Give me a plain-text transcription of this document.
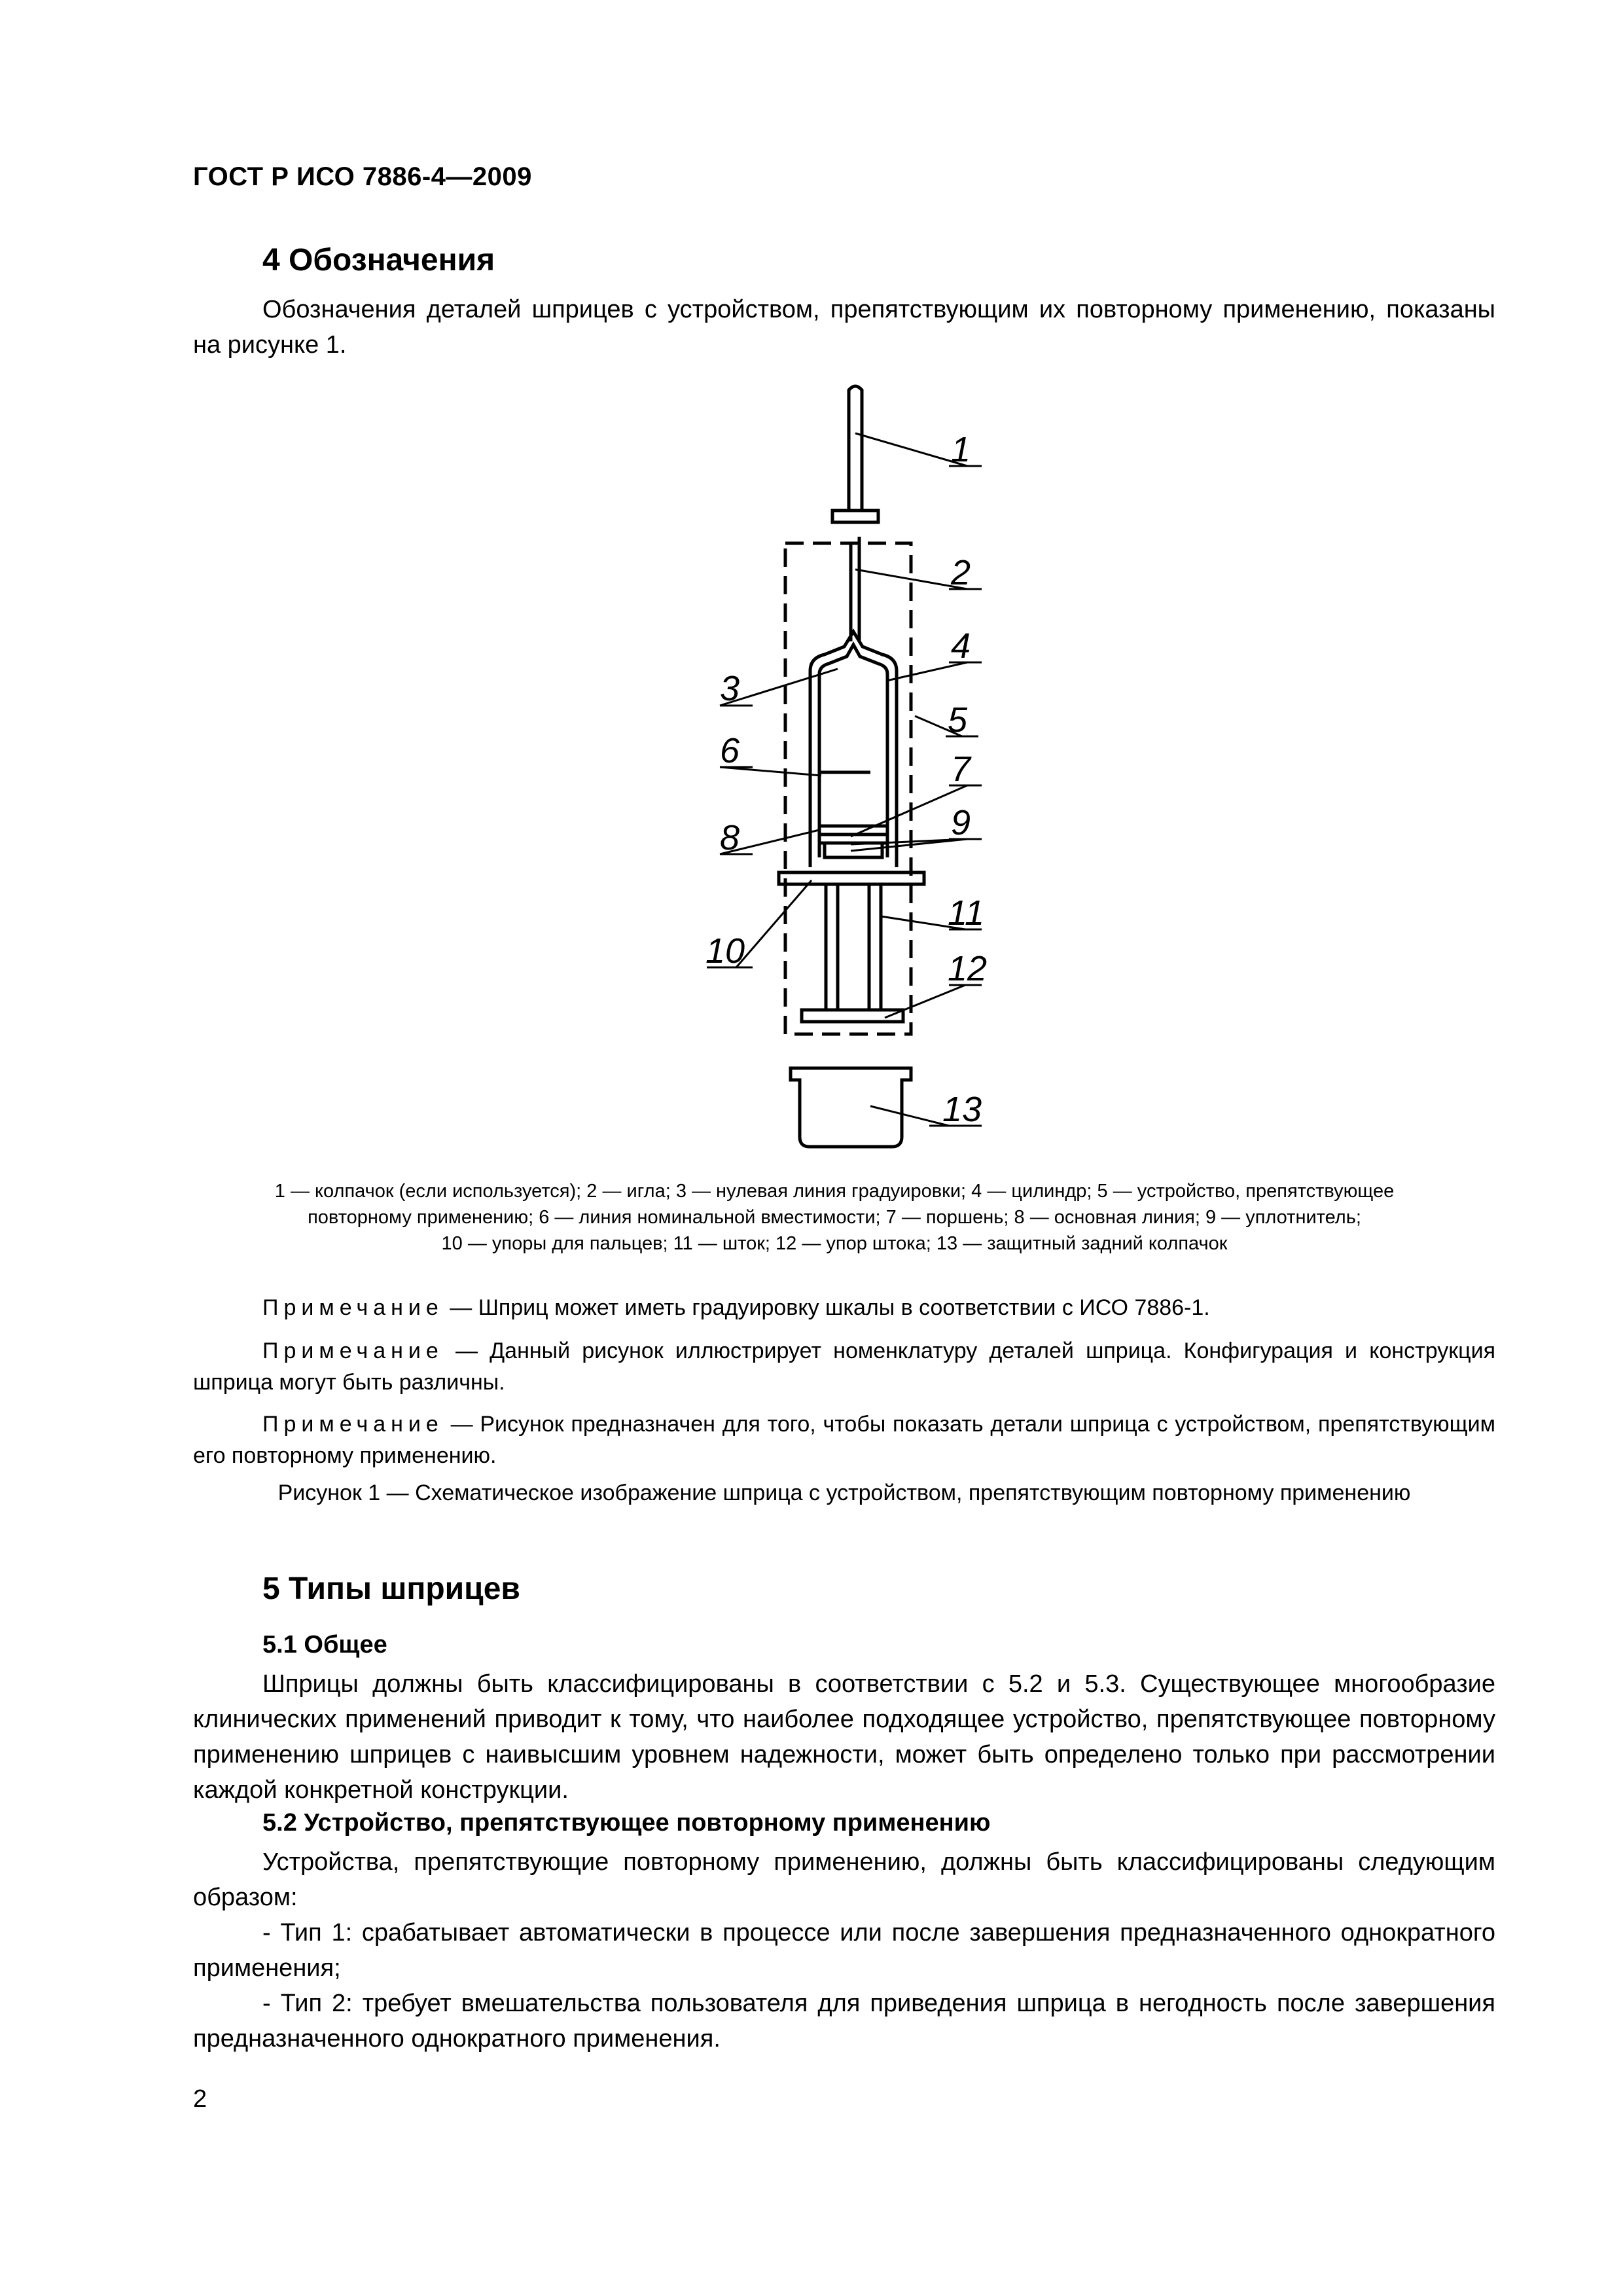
ГОСТ Р ИСО 7886-4—2009
4 Обозначения

Обозначения деталей шприцев с устройством, препятствующим их повторному применению, показаны на рисунке 1.

1
2
3
4
5
6	7
8	9
10
11
12
13
1 — колпачок (если используется); 2 — игла; 3 — нулевая линия градуировки; 4 — цилиндр; 5 — устройство, препятствующее
повторному применению; 6 — линия номинальной вместимости; 7 — поршень; 8 — основная линия; 9 — уплотнитель;
10 — упоры для пальцев; 11 — шток; 12 — упор штока; 13 — защитный задний колпачок

Примечание — Шприц может иметь градуировку шкалы в соответствии с ИСО 7886-1.

Примечание — Данный рисунок иллюстрирует номенклатуру деталей шприца. Конфигурация и конструкция шприца могут быть различны.

Примечание — Рисунок предназначен для того, чтобы показать детали шприца с устройством, препятствующим его повторному применению.

Рисунок 1 — Схематическое изображение шприца с устройством, препятствующим повторному применению
5 Типы шприцев
5.1 Общее

Шприцы должны быть классифицированы в соответствии с 5.2 и 5.3. Существующее многообразие клинических применений приводит к тому, что наиболее подходящее устройство, препятствующее повторному применению шприцев с наивысшим уровнем надежности, может быть определено только при рассмотрении каждой конкретной конструкции.

5.2 Устройство, препятствующее повторному применению

Устройства, препятствующие повторному применению, должны быть классифицированы следующим образом:

- Тип 1: срабатывает автоматически в процессе или после завершения предназначенного однократного применения;

- Тип 2: требует вмешательства пользователя для приведения шприца в негодность после завершения предназначенного однократного применения.

2
